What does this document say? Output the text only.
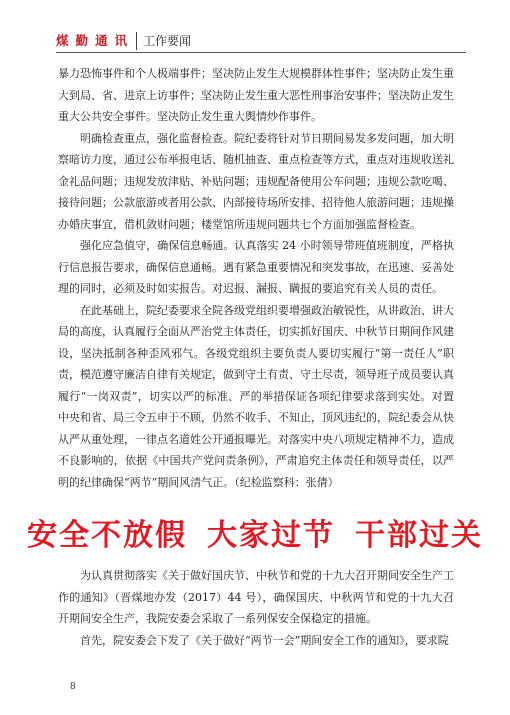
煤勤通讯 工作要闻

暴力恐怖事件和个人极端事件；坚决防止发生大规模群体性事件；坚决防止发生重大到局、省、进京上访事件；坚决防止发生重大恶性刑事治安事件；坚决防止发生重大公共安全事件。坚决防止发生重大舆情炒作事件。

明确检查重点，强化监督检查。院纪委将针对节日期间易发多发问题，加大明察暗访力度，通过公布举报电话、随机抽查、重点检查等方式，重点对违规收送礼金礼品问题；违规发放津贴、补贴问题；违规配备使用公车问题；违规公款吃喝、接待问题；公款旅游或者用公款、内部接待场所安排、招待他人旅游问题；违规操办婚庆事宜，借机敛财问题；楼堂馆所违规问题共七个方面加强监督检查。

强化应急值守，确保信息畅通。认真落实 24 小时领导带班值班制度，严格执行信息报告要求，确保信息通畅。遇有紧急重要情况和突发事故，在迅速、妥善处理的同时，必须及时如实报告。对迟报、漏报、瞒报的要追究有关人员的责任。

在此基础上，院纪委要求全院各级党组织要增强政治敏锐性，从讲政治、讲大局的高度，认真履行全面从严治党主体责任，切实抓好国庆、中秋节日期间作风建设，坚决抵制各种歪风邪气。各级党组织主要负责人要切实履行“第一责任人”职责，模范遵守廉洁自律有关规定，做到守土有责、守土尽责，领导班子成员要认真履行“一岗双责”，切实以严的标准、严的举措保证各项纪律要求落到实处。对置中央和省、局三令五申于不顾，仍然不收手、不知止，顶风违纪的，院纪委会从快从严从重处理，一律点名道姓公开通报曝光。对落实中央八项规定精神不力，造成不良影响的，依据《中国共产党问责条例》，严肃追究主体责任和领导责任，以严明的纪律确保“两节”期间风清气正。（纪检监察科：张倩）

安全不放假 大家过节 干部过关

为认真贯彻落实《关于做好国庆节、中秋节和党的十九大召开期间安全生产工作的通知》（晋煤地办发（2017）44 号），确保国庆、中秋两节和党的十九大召开期间安全生产，我院安委会采取了一系列保安全保稳定的措施。

首先，院安委会下发了《关于做好“两节一会”期间安全工作的通知》，要求院

8
